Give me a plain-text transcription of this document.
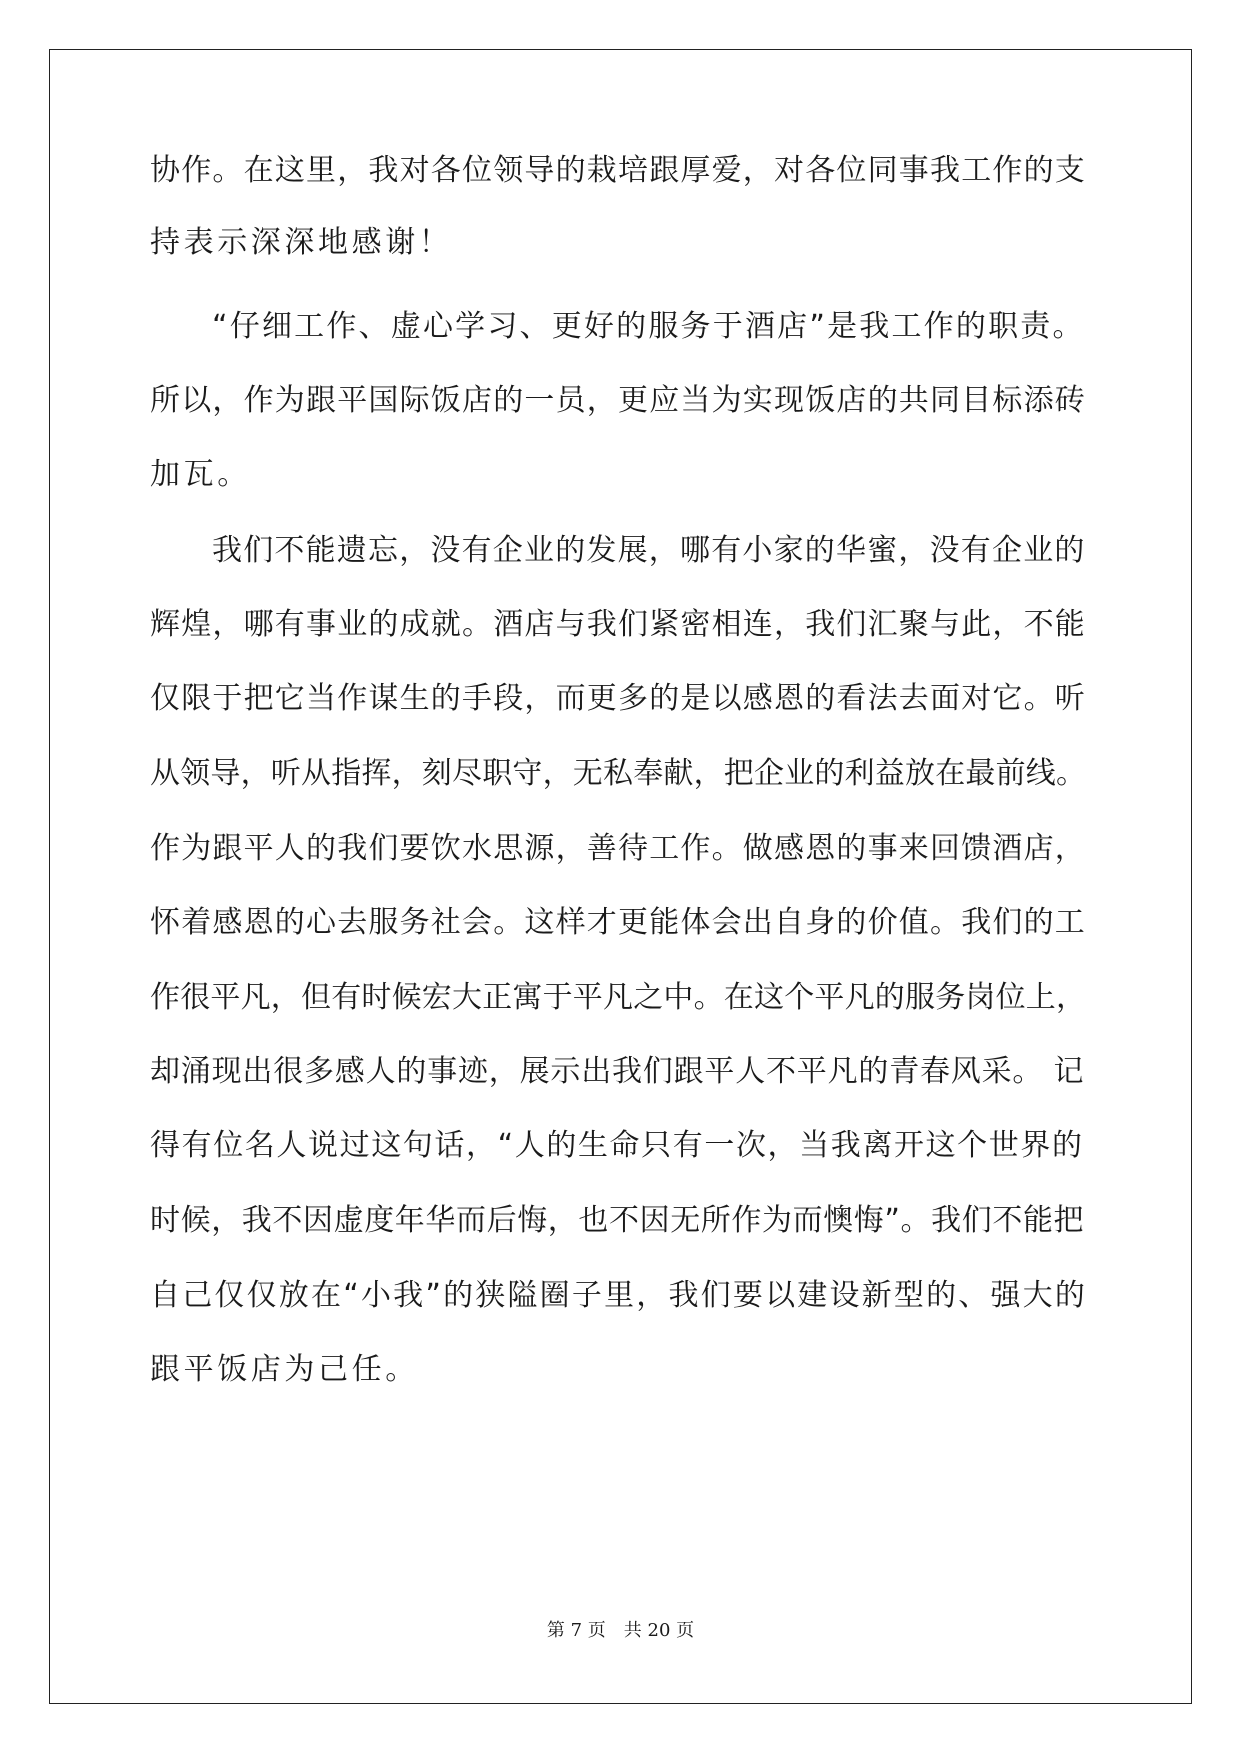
协作。在这里，我对各位领导的栽培跟厚爱，对各位同事我工作的支

持表示深深地感谢！

“仔细工作、虚心学习、更好的服务于酒店”是我工作的职责。

所以，作为跟平国际饭店的一员，更应当为实现饭店的共同目标添砖

加瓦。

我们不能遗忘，没有企业的发展，哪有小家的华蜜，没有企业的

辉煌，哪有事业的成就。酒店与我们紧密相连，我们汇聚与此，不能

仅限于把它当作谋生的手段，而更多的是以感恩的看法去面对它。听

从领导，听从指挥，刻尽职守，无私奉献，把企业的利益放在最前线。

作为跟平人的我们要饮水思源，善待工作。做感恩的事来回馈酒店，

怀着感恩的心去服务社会。这样才更能体会出自身的价值。我们的工

作很平凡，但有时候宏大正寓于平凡之中。在这个平凡的服务岗位上，

却涌现出很多感人的事迹，展示出我们跟平人不平凡的青春风采。 记

得有位名人说过这句话，“人的生命只有一次，当我离开这个世界的

时候，我不因虚度年华而后悔，也不因无所作为而懊悔”。我们不能把

自己仅仅放在“小我”的狭隘圈子里，我们要以建设新型的、强大的

跟平饭店为己任。

第 7 页　共 20 页
